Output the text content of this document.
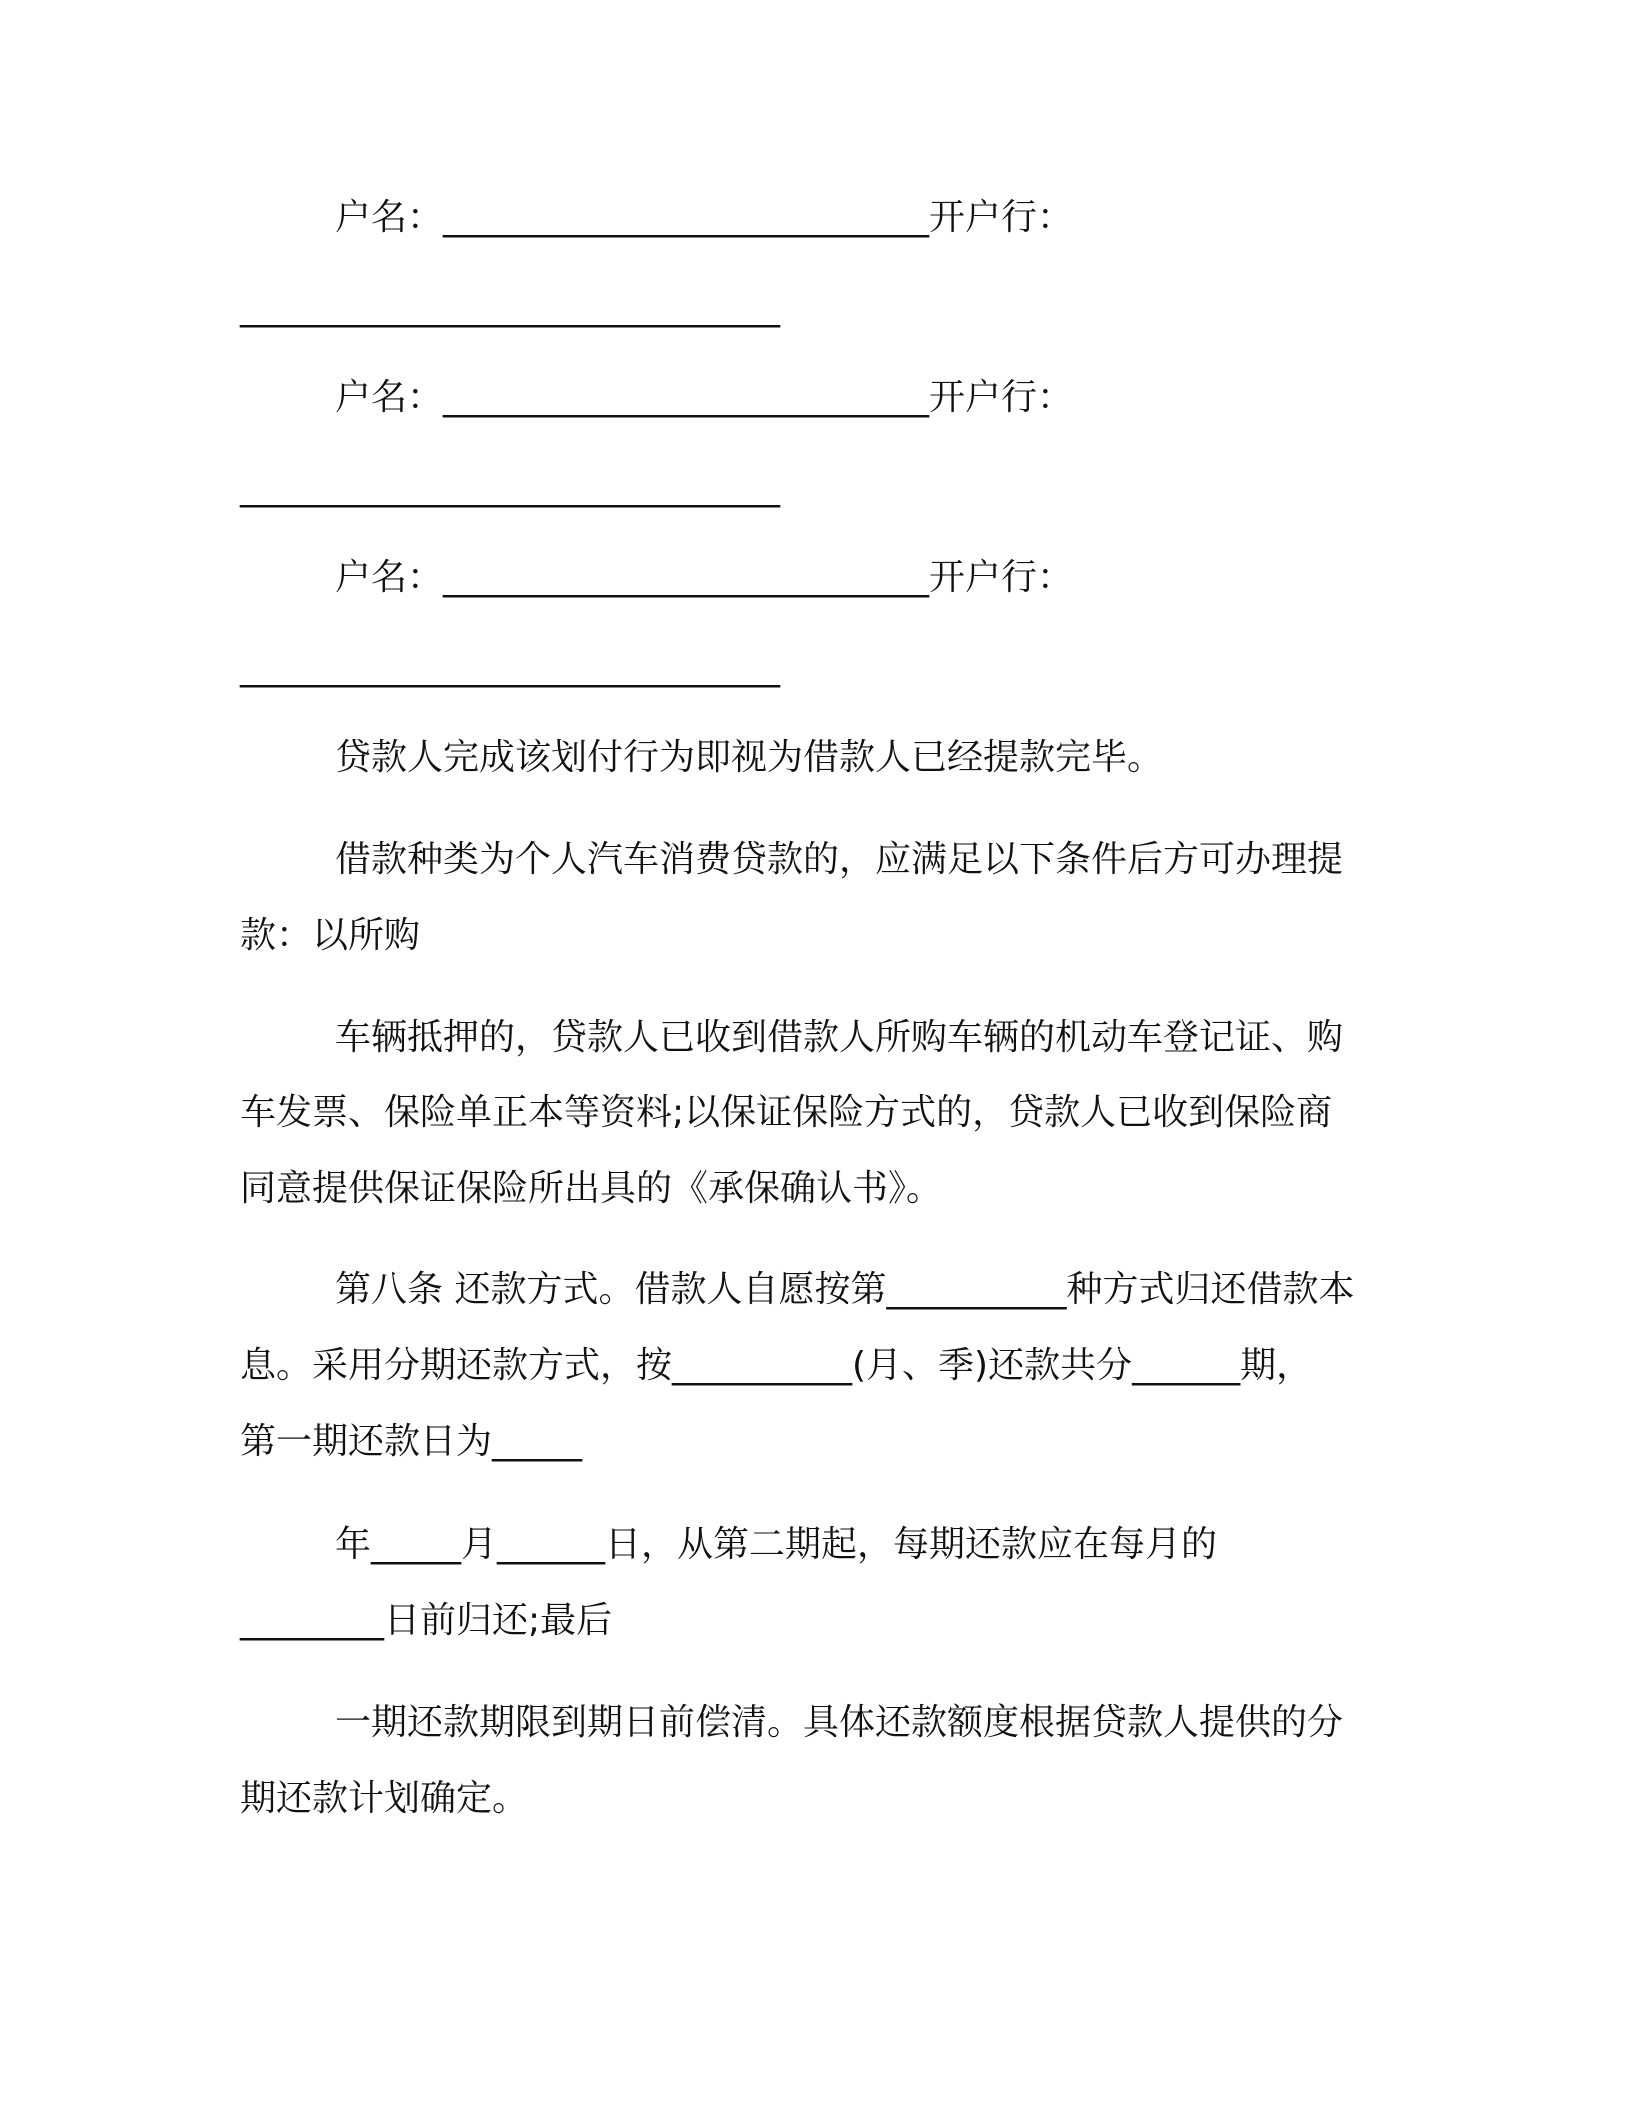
户名：___________________________开户行：
______________________________
户名：___________________________开户行：
______________________________
户名：___________________________开户行：
______________________________
贷款人完成该划付行为即视为借款人已经提款完毕。
借款种类为个人汽车消费贷款的，应满足以下条件后方可办理提
款：以所购
车辆抵押的，贷款人已收到借款人所购车辆的机动车登记证、购
车发票、保险单正本等资料;以保证保险方式的，贷款人已收到保险商
同意提供保证保险所出具的《承保确认书》。
第八条 还款方式。借款人自愿按第__________种方式归还借款本
息。采用分期还款方式，按__________(月、季)还款共分______期，
第一期还款日为_____
年_____月______日，从第二期起，每期还款应在每月的
________日前归还;最后
一期还款期限到期日前偿清。具体还款额度根据贷款人提供的分
期还款计划确定。
